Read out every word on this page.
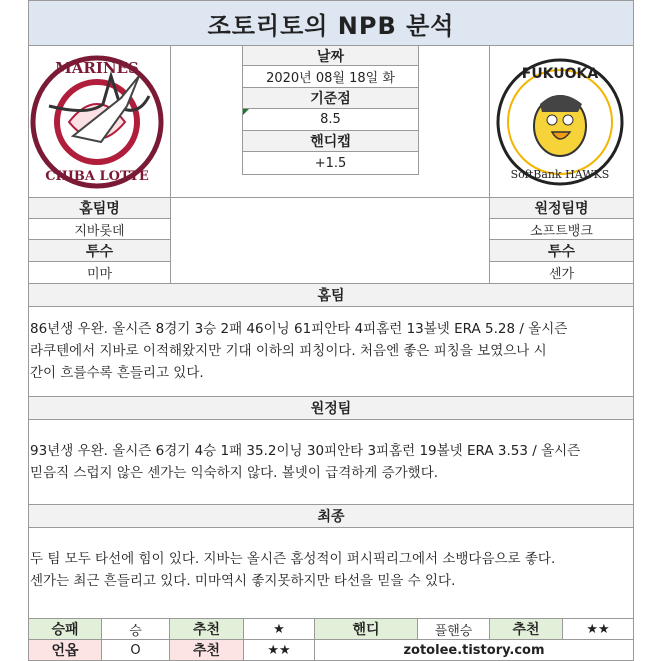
조토리토의 NPB 분석
MARINES
CHIBA LOTTE
FUKUOKA
SoftBank HAWKS
날짜
2020년 08월 18일 화
기준점
8.5
핸디캡
+1.5
홈팀명
지바롯데
투수
미마
원정팀명
소프트뱅크
투수
센가
홈팀
86년생 우완. 올시즌 8경기 3승 2패 46이닝 61피안타 4피홈런 13볼넷 ERA 5.28 / 올시즌
라쿠텐에서 지바로 이적해왔지만 기대 이하의 피칭이다. 처음엔 좋은 피칭을 보였으나 시
간이 흐를수록 흔들리고 있다.
원정팀
93년생 우완. 올시즌 6경기 4승 1패 35.2이닝 30피안타 3피홈런 19볼넷 ERA 3.53 / 올시즌
믿음직 스럽지 않은 센가는 익숙하지 않다. 볼넷이 급격하게 증가했다.
최종
두 팀 모두 타선에 힘이 있다. 지바는 올시즌 홈성적이 퍼시픽리그에서 소뱅다음으로 좋다.
센가는 최근 흔들리고 있다. 미마역시 좋지못하지만 타선을 믿을 수 있다.
승패	승	추천	★	핸디	플핸승	추천	★★
언옵	O	추천	★★	zotolee.tistory.com
